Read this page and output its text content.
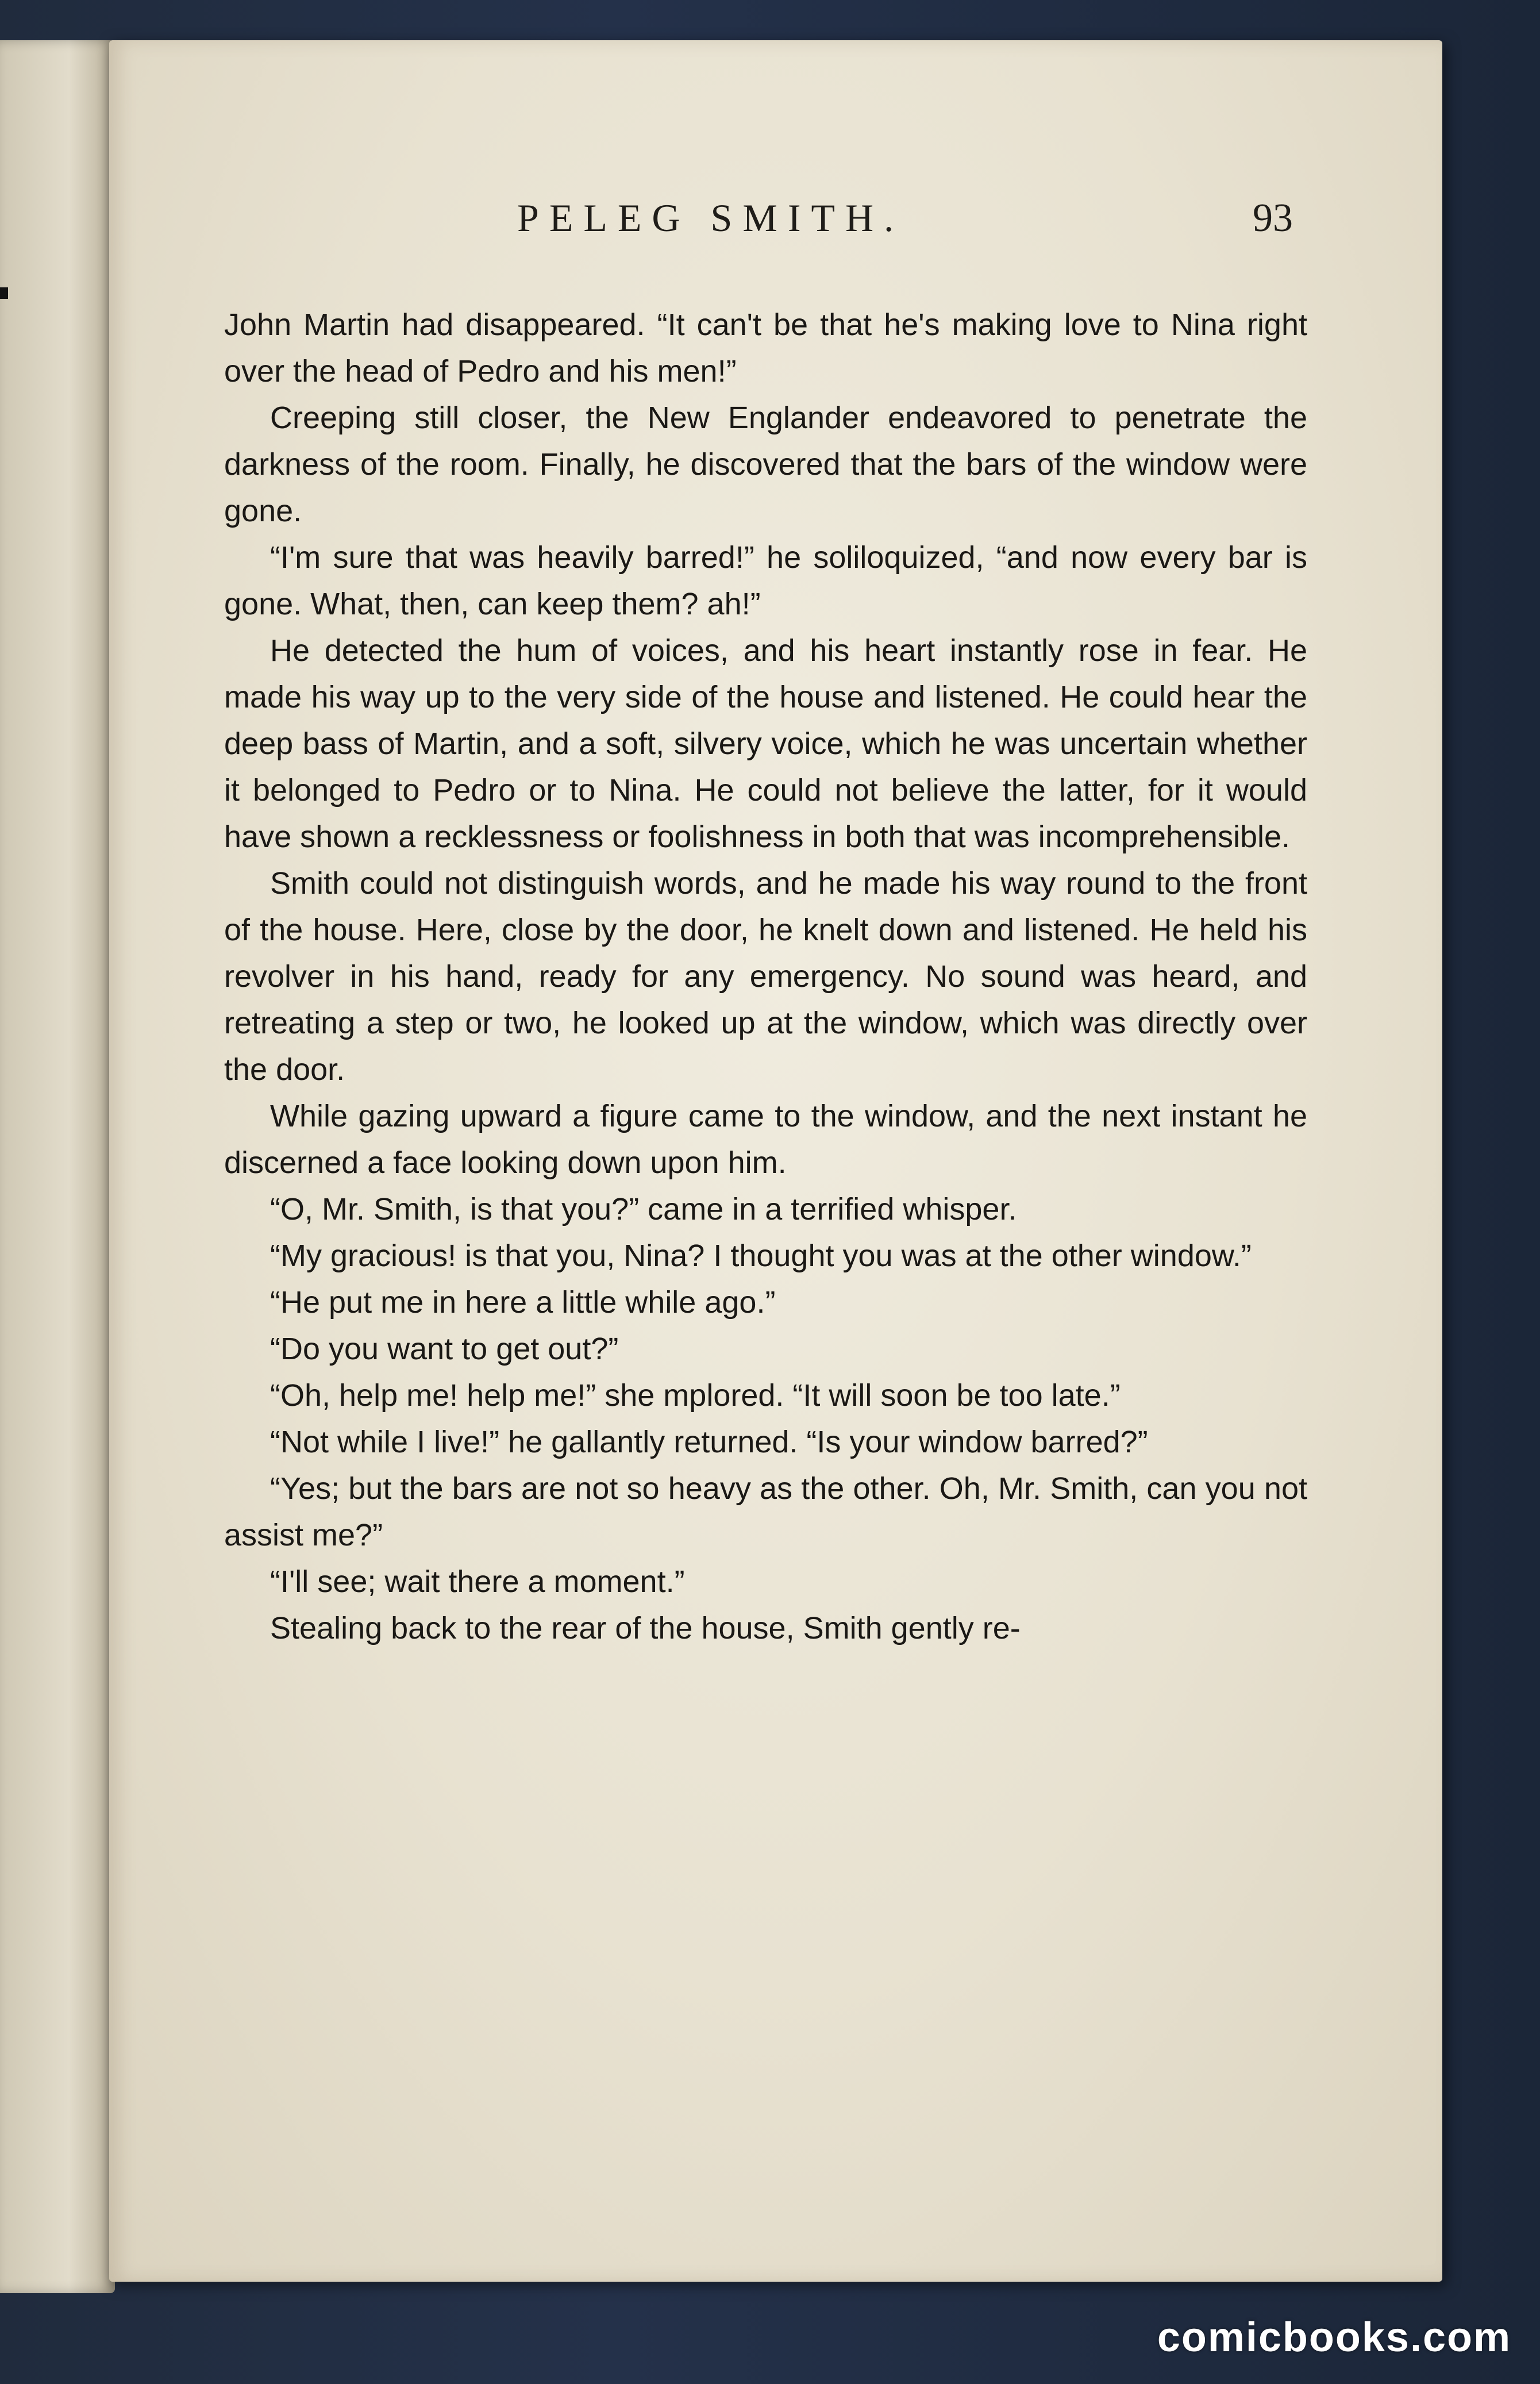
PELEG SMITH.	93

John Martin had disappeared. “It can't be that he's making love to Nina right over the head of Pedro and his men!”

Creeping still closer, the New Englander endeavored to penetrate the darkness of the room. Finally, he discovered that the bars of the window were gone.

“I'm sure that was heavily barred!” he soliloquized, “and now every bar is gone. What, then, can keep them? ah!”

He detected the hum of voices, and his heart instantly rose in fear. He made his way up to the very side of the house and listened. He could hear the deep bass of Martin, and a soft, silvery voice, which he was uncertain whether it belonged to Pedro or to Nina. He could not believe the latter, for it would have shown a recklessness or foolishness in both that was incomprehensible.

Smith could not distinguish words, and he made his way round to the front of the house. Here, close by the door, he knelt down and listened. He held his revolver in his hand, ready for any emergency. No sound was heard, and retreating a step or two, he looked up at the window, which was directly over the door.

While gazing upward a figure came to the window, and the next instant he discerned a face looking down upon him.

“O, Mr. Smith, is that you?” came in a terrified whisper.

“My gracious! is that you, Nina? I thought you was at the other window.”

“He put me in here a little while ago.”

“Do you want to get out?”

“Oh, help me! help me!” she mplored. “It will soon be too late.”

“Not while I live!” he gallantly returned. “Is your window barred?”

“Yes; but the bars are not so heavy as the other. Oh, Mr. Smith, can you not assist me?”

“I'll see; wait there a moment.”

Stealing back to the rear of the house, Smith gently re-

comicbooks.com
